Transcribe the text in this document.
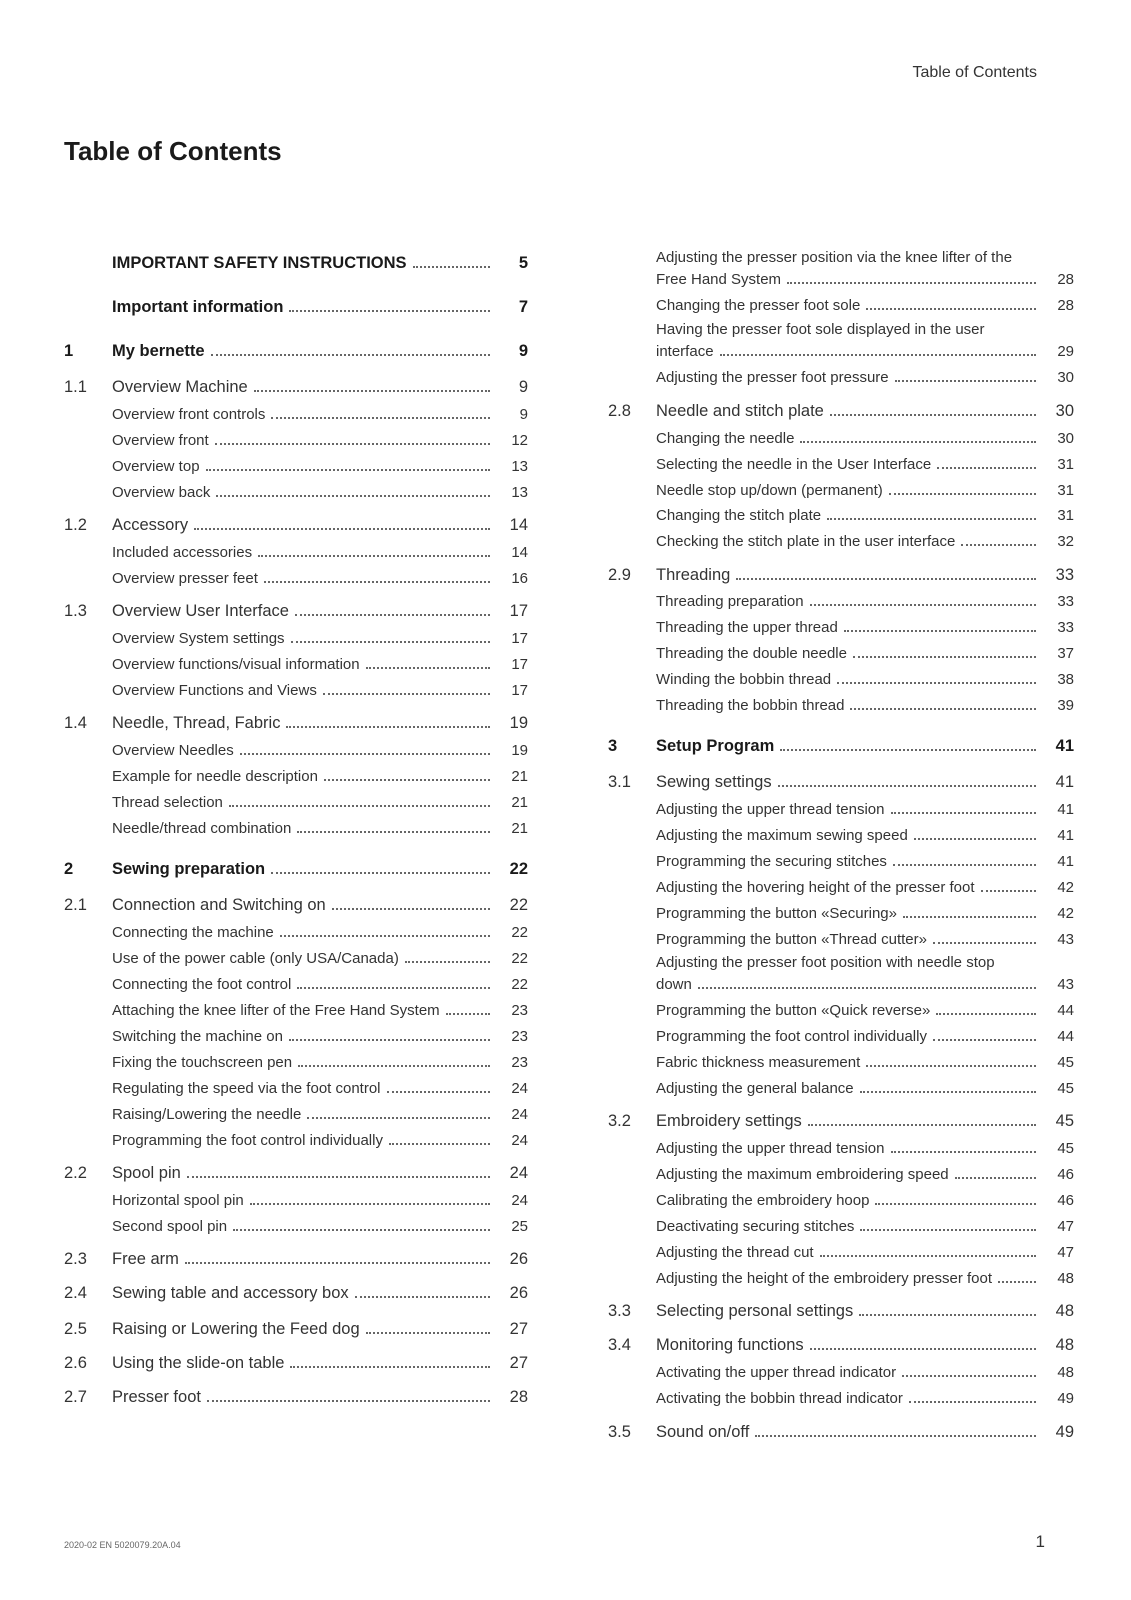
Table of Contents
Table of Contents
IMPORTANT SAFETY INSTRUCTIONS	5
Important information	7
1	My bernette	9
1.1	Overview Machine	9
Overview front controls	9
Overview front	12
Overview top	13
Overview back	13
1.2	Accessory	14
Included accessories	14
Overview presser feet	16
1.3	Overview User Interface	17
Overview System settings	17
Overview functions/visual information	17
Overview Functions and Views	17
1.4	Needle, Thread, Fabric	19
Overview Needles	19
Example for needle description	21
Thread selection	21
Needle/thread combination	21
2	Sewing preparation	22
2.1	Connection and Switching on	22
Connecting the machine	22
Use of the power cable (only USA/Canada)	22
Connecting the foot control	22
Attaching the knee lifter of the Free Hand System	23
Switching the machine on	23
Fixing the touchscreen pen	23
Regulating the speed via the foot control	24
Raising/Lowering the needle	24
Programming the foot control individually	24
2.2	Spool pin	24
Horizontal spool pin	24
Second spool pin	25
2.3	Free arm	26
2.4	Sewing table and accessory box	26
2.5	Raising or Lowering the Feed dog	27
2.6	Using the slide-on table	27
2.7	Presser foot	28
Adjusting the presser position via the knee lifter of the
Free Hand System	28
Changing the presser foot sole	28
Having the presser foot sole displayed in the user
interface	29
Adjusting the presser foot pressure	30
2.8	Needle and stitch plate	30
Changing the needle	30
Selecting the needle in the User Interface	31
Needle stop up/down (permanent)	31
Changing the stitch plate	31
Checking the stitch plate in the user interface	32
2.9	Threading	33
Threading preparation	33
Threading the upper thread	33
Threading the double needle	37
Winding the bobbin thread	38
Threading the bobbin thread	39
3	Setup Program	41
3.1	Sewing settings	41
Adjusting the upper thread tension	41
Adjusting the maximum sewing speed	41
Programming the securing stitches	41
Adjusting the hovering height of the presser foot	42
Programming the button «Securing»	42
Programming the button «Thread cutter»	43
Adjusting the presser foot position with needle stop
down	43
Programming the button «Quick reverse»	44
Programming the foot control individually	44
Fabric thickness measurement	45
Adjusting the general balance	45
3.2	Embroidery settings	45
Adjusting the upper thread tension	45
Adjusting the maximum embroidering speed	46
Calibrating the embroidery hoop	46
Deactivating securing stitches	47
Adjusting the thread cut	47
Adjusting the height of the embroidery presser foot	48
3.3	Selecting personal settings	48
3.4	Monitoring functions	48
Activating the upper thread indicator	48
Activating the bobbin thread indicator	49
3.5	Sound on/off	49
2020-02 EN 5020079.20A.04	1
